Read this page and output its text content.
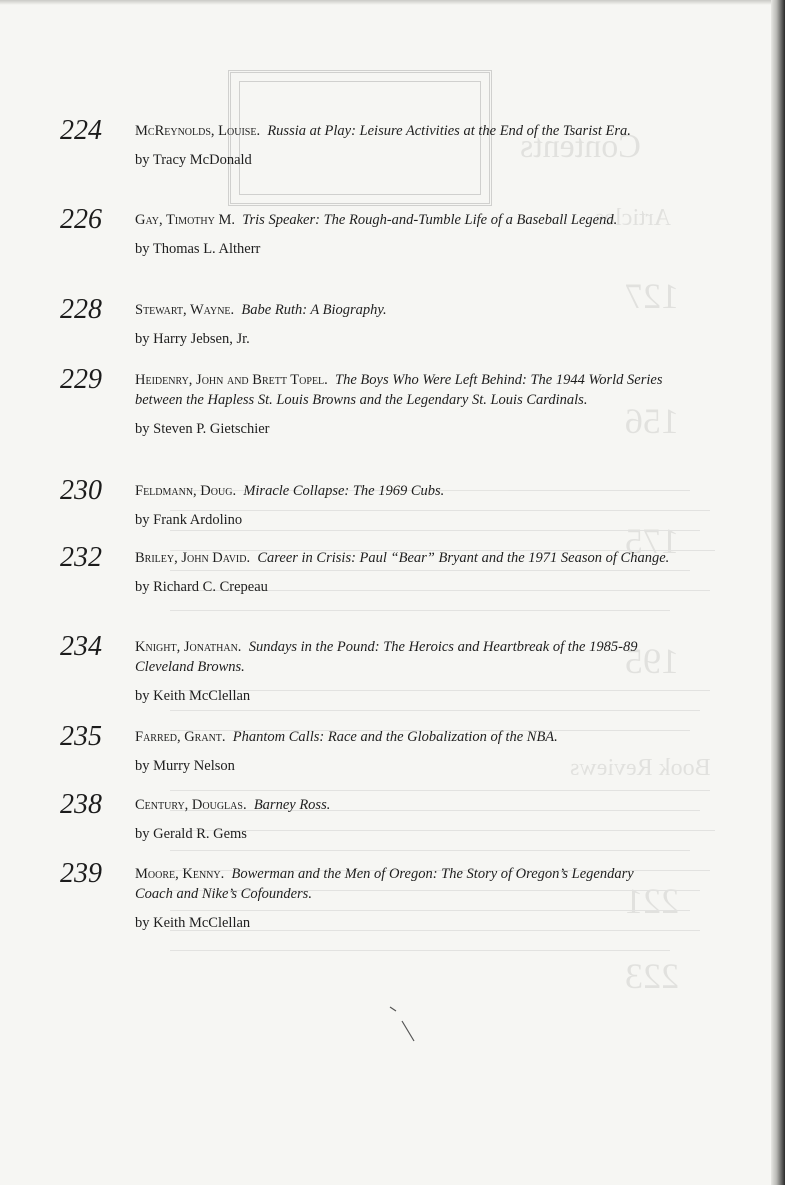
Contents
Articles
127
156
175
195
Book Reviews
221
223
224	McReynolds, Louise. Russia at Play: Leisure Activities at the End of the Tsarist Era.
by Tracy McDonald
226	Gay, Timothy M. Tris Speaker: The Rough-and-Tumble Life of a Baseball Legend.
by Thomas L. Altherr
228	Stewart, Wayne. Babe Ruth: A Biography.
by Harry Jebsen, Jr.
229	Heidenry, John and Brett Topel. The Boys Who Were Left Behind: The 1944 World Series between the Hapless St. Louis Browns and the Legendary St. Louis Cardinals.
by Steven P. Gietschier
230	Feldmann, Doug. Miracle Collapse: The 1969 Cubs.
by Frank Ardolino
232	Briley, John David. Career in Crisis: Paul “Bear” Bryant and the 1971 Season of Change.
by Richard C. Crepeau
234	Knight, Jonathan. Sundays in the Pound: The Heroics and Heartbreak of the 1985-89 Cleveland Browns.
by Keith McClellan
235	Farred, Grant. Phantom Calls: Race and the Globalization of the NBA.
by Murry Nelson
238	Century, Douglas. Barney Ross.
by Gerald R. Gems
239	Moore, Kenny. Bowerman and the Men of Oregon: The Story of Oregon’s Legendary Coach and Nike’s Cofounders.
by Keith McClellan
